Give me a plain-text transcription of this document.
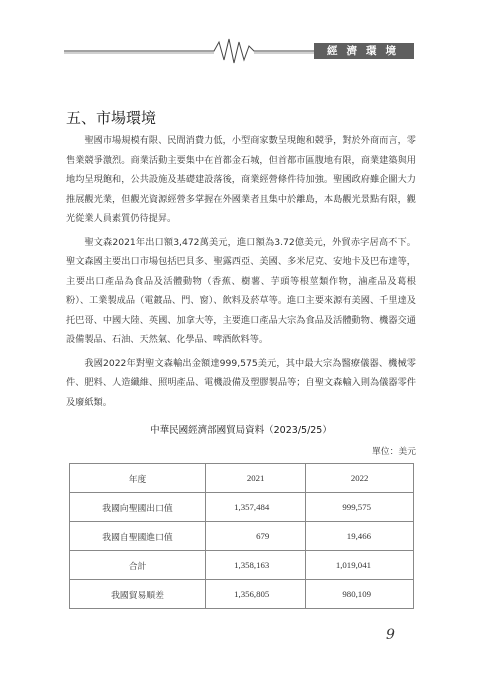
經濟環境
五、市場環境

聖國市場規模有限、民間消費力低，小型商家數呈現飽和競爭，對於外商而言，零售業競爭激烈。商業活動主要集中在首都金石城，但首都市區腹地有限，商業建築與用地均呈現飽和，公共設施及基礎建設落後，商業經營條件待加強。聖國政府雖企圖大力推展觀光業，但觀光資源經營多掌握在外國業者且集中於離島，本島觀光景點有限，觀光從業人員素質仍待提昇。

聖文森2021年出口額3,472萬美元，進口額為3.72億美元，外貿赤字居高不下。聖文森國主要出口市場包括巴貝多、聖露西亞、美國、多米尼克、安地卡及巴布達等，主要出口產品為食品及活體動物（香蕉、樹薯、芋頭等根莖類作物，滷產品及葛根粉）、工業製成品（電鍍品、門、窗）、飲料及菸草等。進口主要來源有美國、千里達及托巴哥、中國大陸、英國、加拿大等，主要進口產品大宗為食品及活體動物、機器交通設備製品、石油、天然氣、化學品、啤酒飲料等。

我國2022年對聖文森輸出金額達999,575美元，其中最大宗為醫療儀器、機械零件、肥料、人造纖維、照明產品、電機設備及塑膠製品等；自聖文森輸入則為儀器零件及廢紙類。

中華民國經濟部國貿局資料（2023/5/25）
單位：美元
年度	2021	2022
我國向聖國出口值	1,357,484	999,575
我國自聖國進口值	679	19,466
合計	1,358,163	1,019,041
我國貿易順差	1,356,805	980,109
9
